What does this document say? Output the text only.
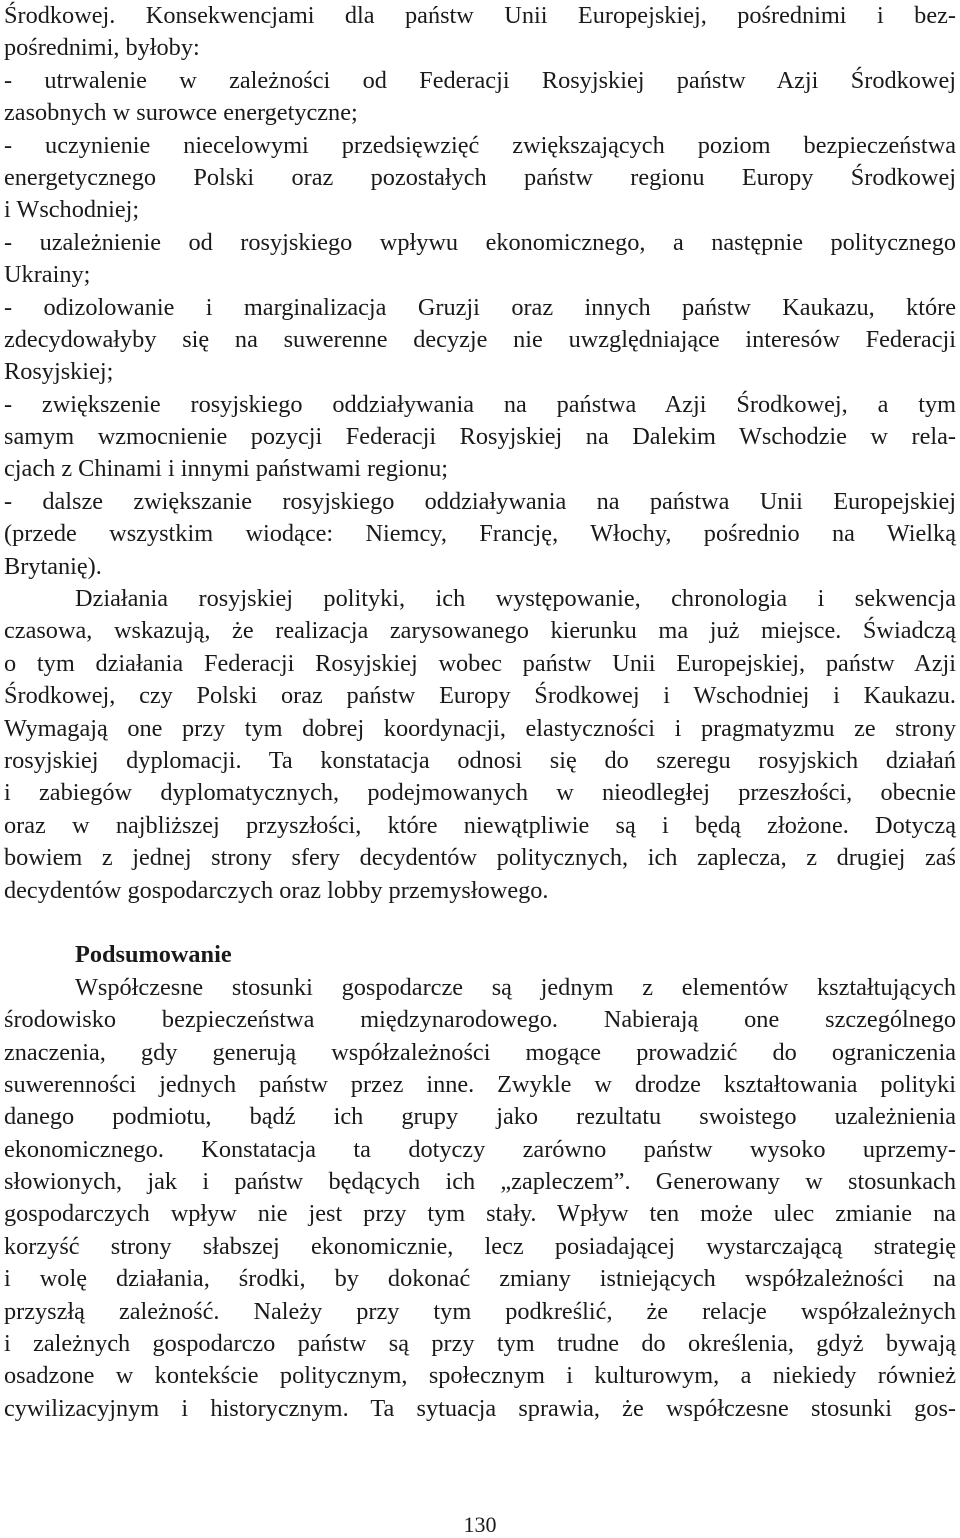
Środkowej. Konsekwencjami dla państw Unii Europejskiej, pośrednimi i bez-
pośrednimi, byłoby:
- utrwalenie w zależności od Federacji Rosyjskiej państw Azji Środkowej
zasobnych w surowce energetyczne;
- uczynienie niecelowymi przedsięwzięć zwiększających poziom bezpieczeństwa
energetycznego Polski oraz pozostałych państw regionu Europy Środkowej
i Wschodniej;
- uzależnienie od rosyjskiego wpływu ekonomicznego, a następnie politycznego
Ukrainy;
- odizolowanie i marginalizacja Gruzji oraz innych państw Kaukazu, które
zdecydowałyby się na suwerenne decyzje nie uwzględniające interesów Federacji
Rosyjskiej;
- zwiększenie rosyjskiego oddziaływania na państwa Azji Środkowej, a tym
samym wzmocnienie pozycji Federacji Rosyjskiej na Dalekim Wschodzie w rela-
cjach z Chinami i innymi państwami regionu;
- dalsze zwiększanie rosyjskiego oddziaływania na państwa Unii Europejskiej
(przede wszystkim wiodące: Niemcy, Francję, Włochy, pośrednio na Wielką
Brytanię).
Działania rosyjskiej polityki, ich występowanie, chronologia i sekwencja
czasowa, wskazują, że realizacja zarysowanego kierunku ma już miejsce. Świadczą
o tym działania Federacji Rosyjskiej wobec państw Unii Europejskiej, państw Azji
Środkowej, czy Polski oraz państw Europy Środkowej i Wschodniej i Kaukazu.
Wymagają one przy tym dobrej koordynacji, elastyczności i pragmatyzmu ze strony
rosyjskiej dyplomacji. Ta konstatacja odnosi się do szeregu rosyjskich działań
i zabiegów dyplomatycznych, podejmowanych w nieodległej przeszłości, obecnie
oraz w najbliższej przyszłości, które niewątpliwie są i będą złożone. Dotyczą
bowiem z jednej strony sfery decydentów politycznych, ich zaplecza, z drugiej zaś
decydentów gospodarczych oraz lobby przemysłowego.
Podsumowanie
Współczesne stosunki gospodarcze są jednym z elementów kształtujących
środowisko bezpieczeństwa międzynarodowego. Nabierają one szczególnego
znaczenia, gdy generują współzależności mogące prowadzić do ograniczenia
suwerenności jednych państw przez inne. Zwykle w drodze kształtowania polityki
danego podmiotu, bądź ich grupy jako rezultatu swoistego uzależnienia
ekonomicznego. Konstatacja ta dotyczy zarówno państw wysoko uprzemy-
słowionych, jak i państw będących ich „zapleczem”. Generowany w stosunkach
gospodarczych wpływ nie jest przy tym stały. Wpływ ten może ulec zmianie na
korzyść strony słabszej ekonomicznie, lecz posiadającej wystarczającą strategię
i wolę działania, środki, by dokonać zmiany istniejących współzależności na
przyszłą zależność. Należy przy tym podkreślić, że relacje współzależnych
i zależnych gospodarczo państw są przy tym trudne do określenia, gdyż bywają
osadzone w kontekście politycznym, społecznym i kulturowym, a niekiedy również
cywilizacyjnym i historycznym. Ta sytuacja sprawia, że współczesne stosunki gos-
130
